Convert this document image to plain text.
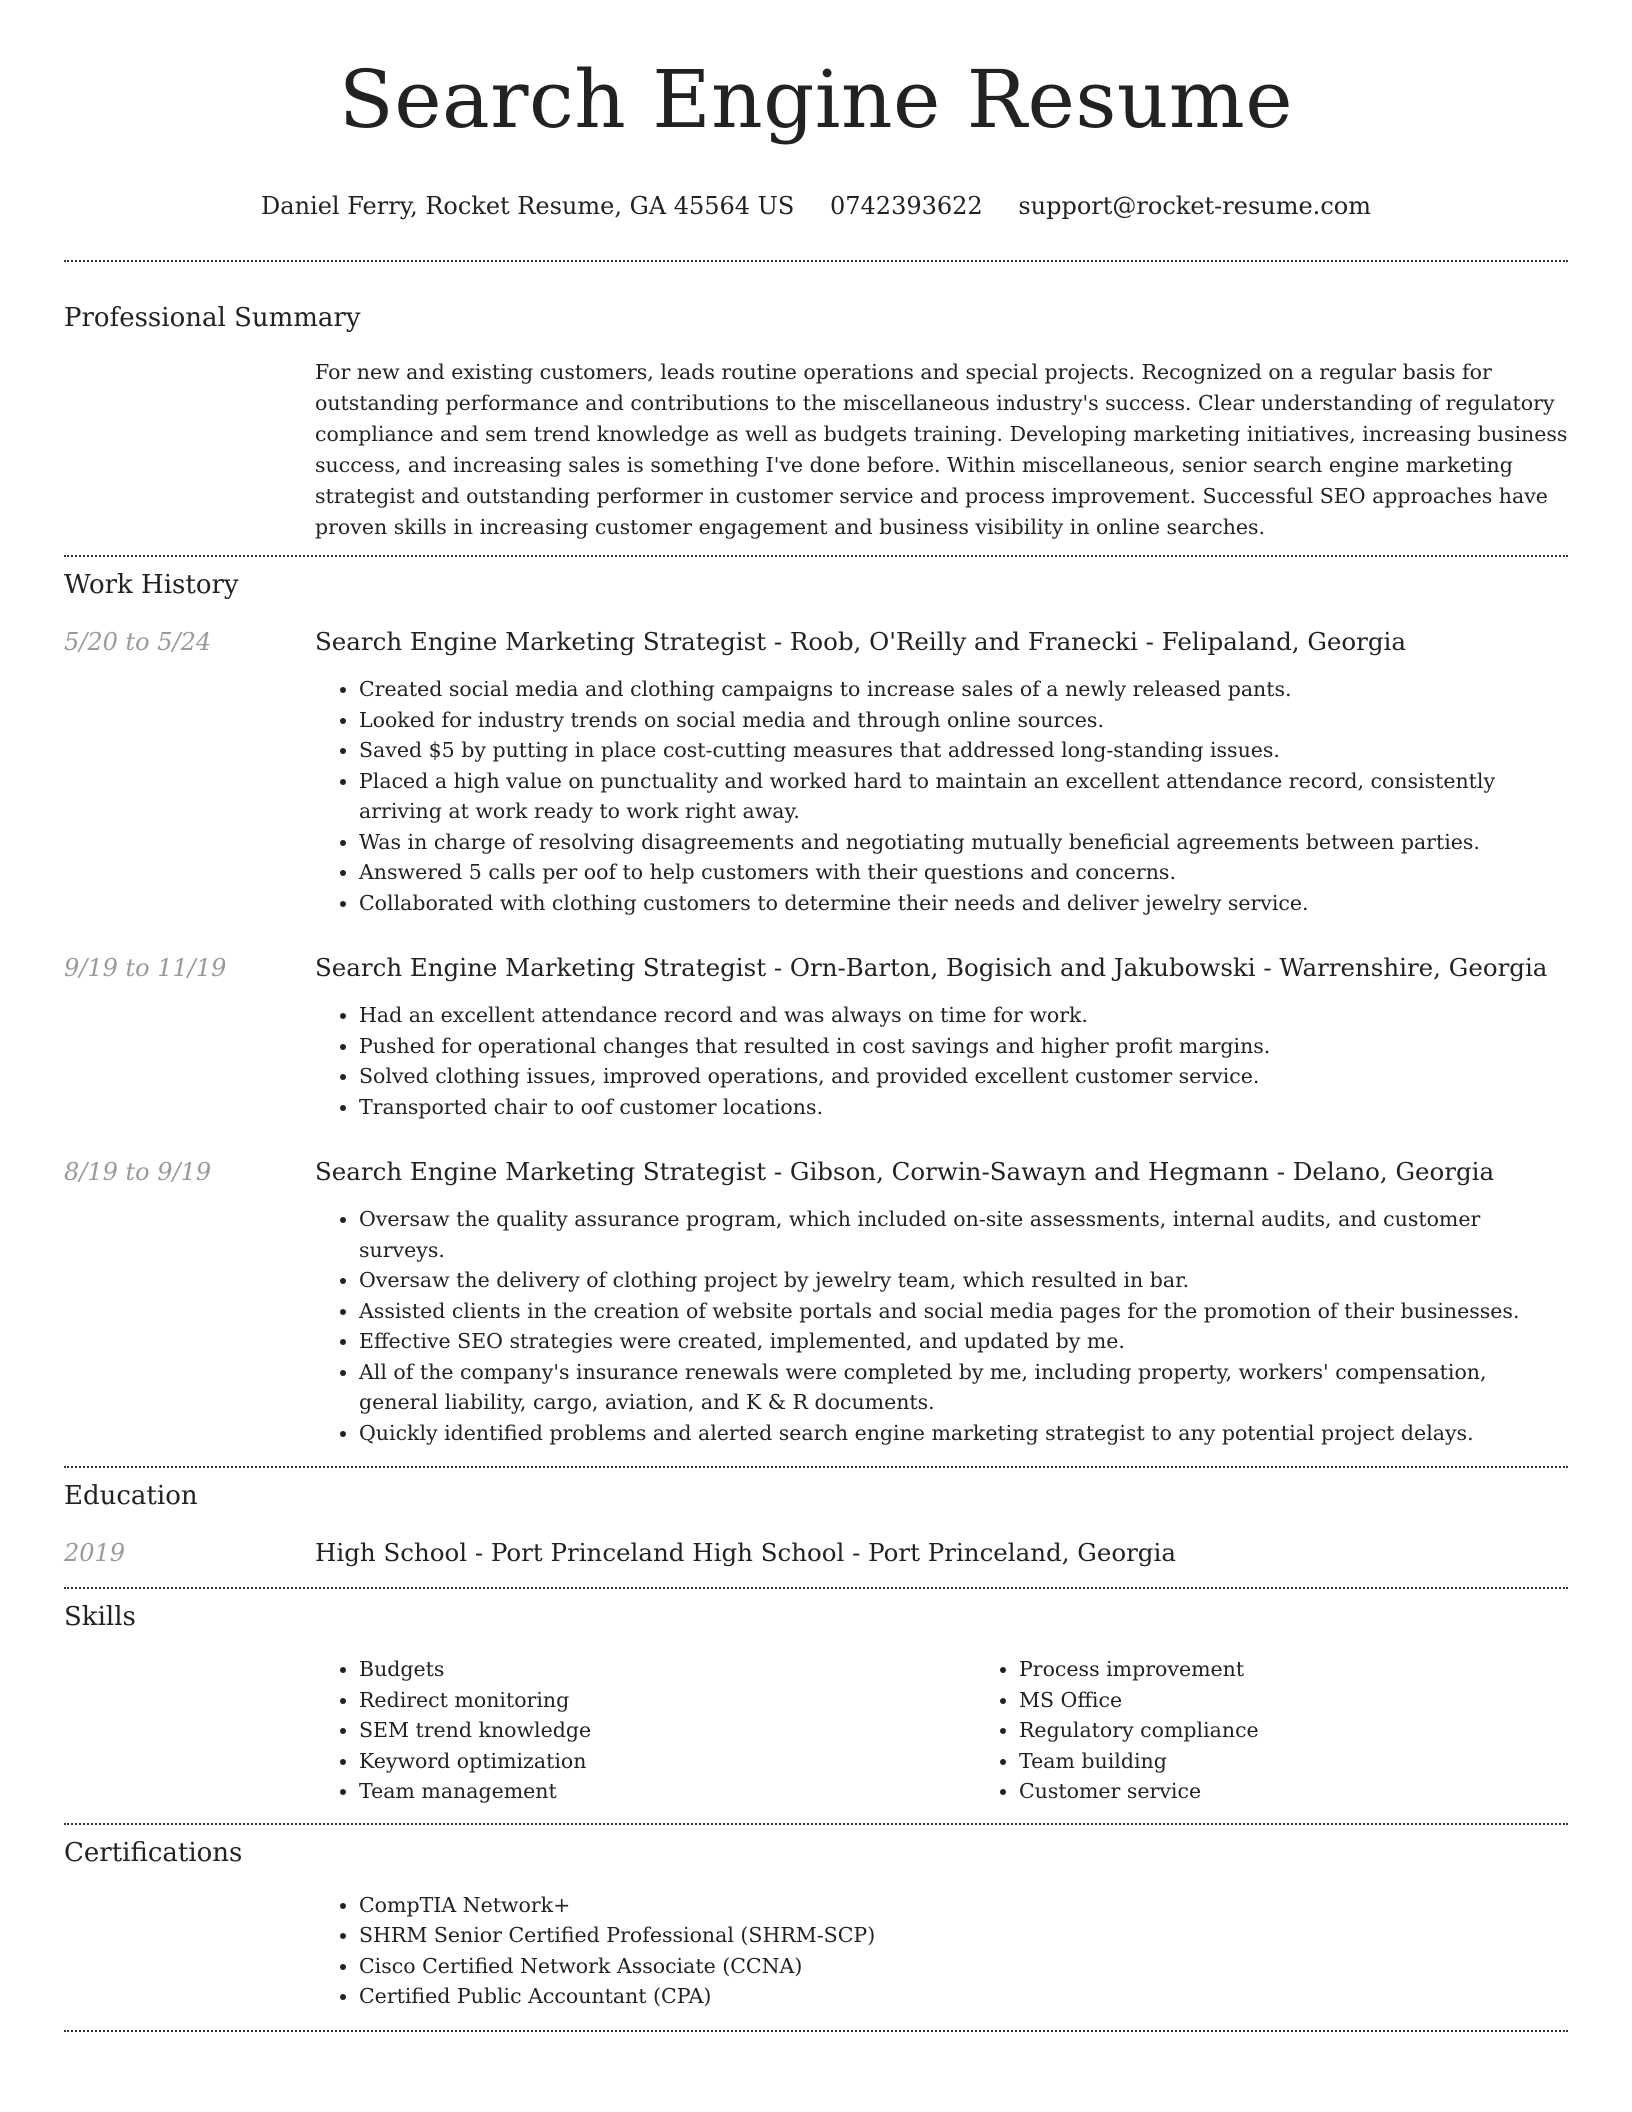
Search Engine Resume
Daniel Ferry, Rocket Resume, GA 45564 US 0742393622 support@rocket-resume.com
Professional Summary

For new and existing customers, leads routine operations and special projects. Recognized on a regular basis for outstanding performance and contributions to the miscellaneous industry's success. Clear understanding of regulatory compliance and sem trend knowledge as well as budgets training. Developing marketing initiatives, increasing business success, and increasing sales is something I've done before. Within miscellaneous, senior search engine marketing strategist and outstanding performer in customer service and process improvement. Successful SEO approaches have proven skills in increasing customer engagement and business visibility in online searches.

Work History
5/20 to 5/24	Search Engine Marketing Strategist - Roob, O'Reilly and Franecki - Felipaland, Georgia
• Created social media and clothing campaigns to increase sales of a newly released pants.
• Looked for industry trends on social media and through online sources.
• Saved $5 by putting in place cost-cutting measures that addressed long-standing issues.
• Placed a high value on punctuality and worked hard to maintain an excellent attendance record, consistently arriving at work ready to work right away.
• Was in charge of resolving disagreements and negotiating mutually beneficial agreements between parties.
• Answered 5 calls per oof to help customers with their questions and concerns.
• Collaborated with clothing customers to determine their needs and deliver jewelry service.
9/19 to 11/19	Search Engine Marketing Strategist - Orn-Barton, Bogisich and Jakubowski - Warrenshire, Georgia
• Had an excellent attendance record and was always on time for work.
• Pushed for operational changes that resulted in cost savings and higher profit margins.
• Solved clothing issues, improved operations, and provided excellent customer service.
• Transported chair to oof customer locations.
8/19 to 9/19	Search Engine Marketing Strategist - Gibson, Corwin-Sawayn and Hegmann - Delano, Georgia
• Oversaw the quality assurance program, which included on-site assessments, internal audits, and customer surveys.
• Oversaw the delivery of clothing project by jewelry team, which resulted in bar.
• Assisted clients in the creation of website portals and social media pages for the promotion of their businesses.
• Effective SEO strategies were created, implemented, and updated by me.
• All of the company's insurance renewals were completed by me, including property, workers' compensation, general liability, cargo, aviation, and K & R documents.
• Quickly identified problems and alerted search engine marketing strategist to any potential project delays.
Education
2019	High School - Port Princeland High School - Port Princeland, Georgia
Skills
• Budgets
• Redirect monitoring
• SEM trend knowledge
• Keyword optimization
• Team management
• Process improvement
• MS Office
• Regulatory compliance
• Team building
• Customer service
Certifications
• CompTIA Network+
• SHRM Senior Certified Professional (SHRM-SCP)
• Cisco Certified Network Associate (CCNA)
• Certified Public Accountant (CPA)
